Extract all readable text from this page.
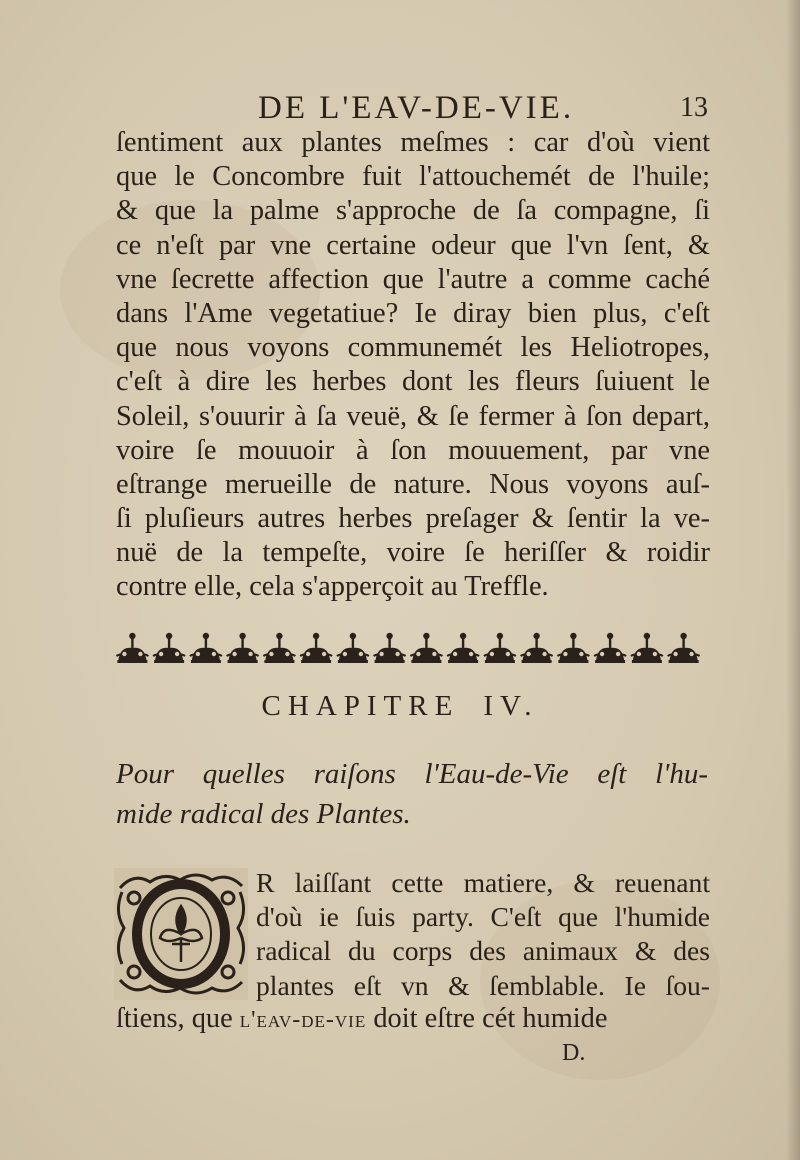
DE L'EAV-DE-VIE.	13
ſentiment aux plantes meſmes : car d'où vient
que le Concombre fuit l'attouchemét de l'huile;
& que la palme s'approche de ſa compagne, ſi
ce n'eſt par vne certaine odeur que l'vn ſent, &
vne ſecrette affection que l'autre a comme caché
dans l'Ame vegetatiue? Ie diray bien plus, c'eſt
que nous voyons communemét les Heliotropes,
c'eſt à dire les herbes dont les fleurs ſuiuent le
Soleil, s'ouurir à ſa veuë, & ſe fermer à ſon depart,
voire ſe mouuoir à ſon mouuement, par vne
eſtrange merueille de nature. Nous voyons auſ-
ſi pluſieurs autres herbes preſager & ſentir la ve-
nuë de la tempeſte, voire ſe heriſſer & roidir
contre elle, cela s'apperçoit au Treffle.
CHAPITRE IV.
Pour quelles raiſons l'Eau-de-Vie eſt l'hu-
mide radical des Plantes.
R laiſſant cette matiere, & reuenant
d'où ie ſuis party. C'eſt que l'humide
radical du corps des animaux & des
plantes eſt vn & ſemblable. Ie ſou-
ſtiens, que l'eav-de-vie doit eſtre cét humide
D.
